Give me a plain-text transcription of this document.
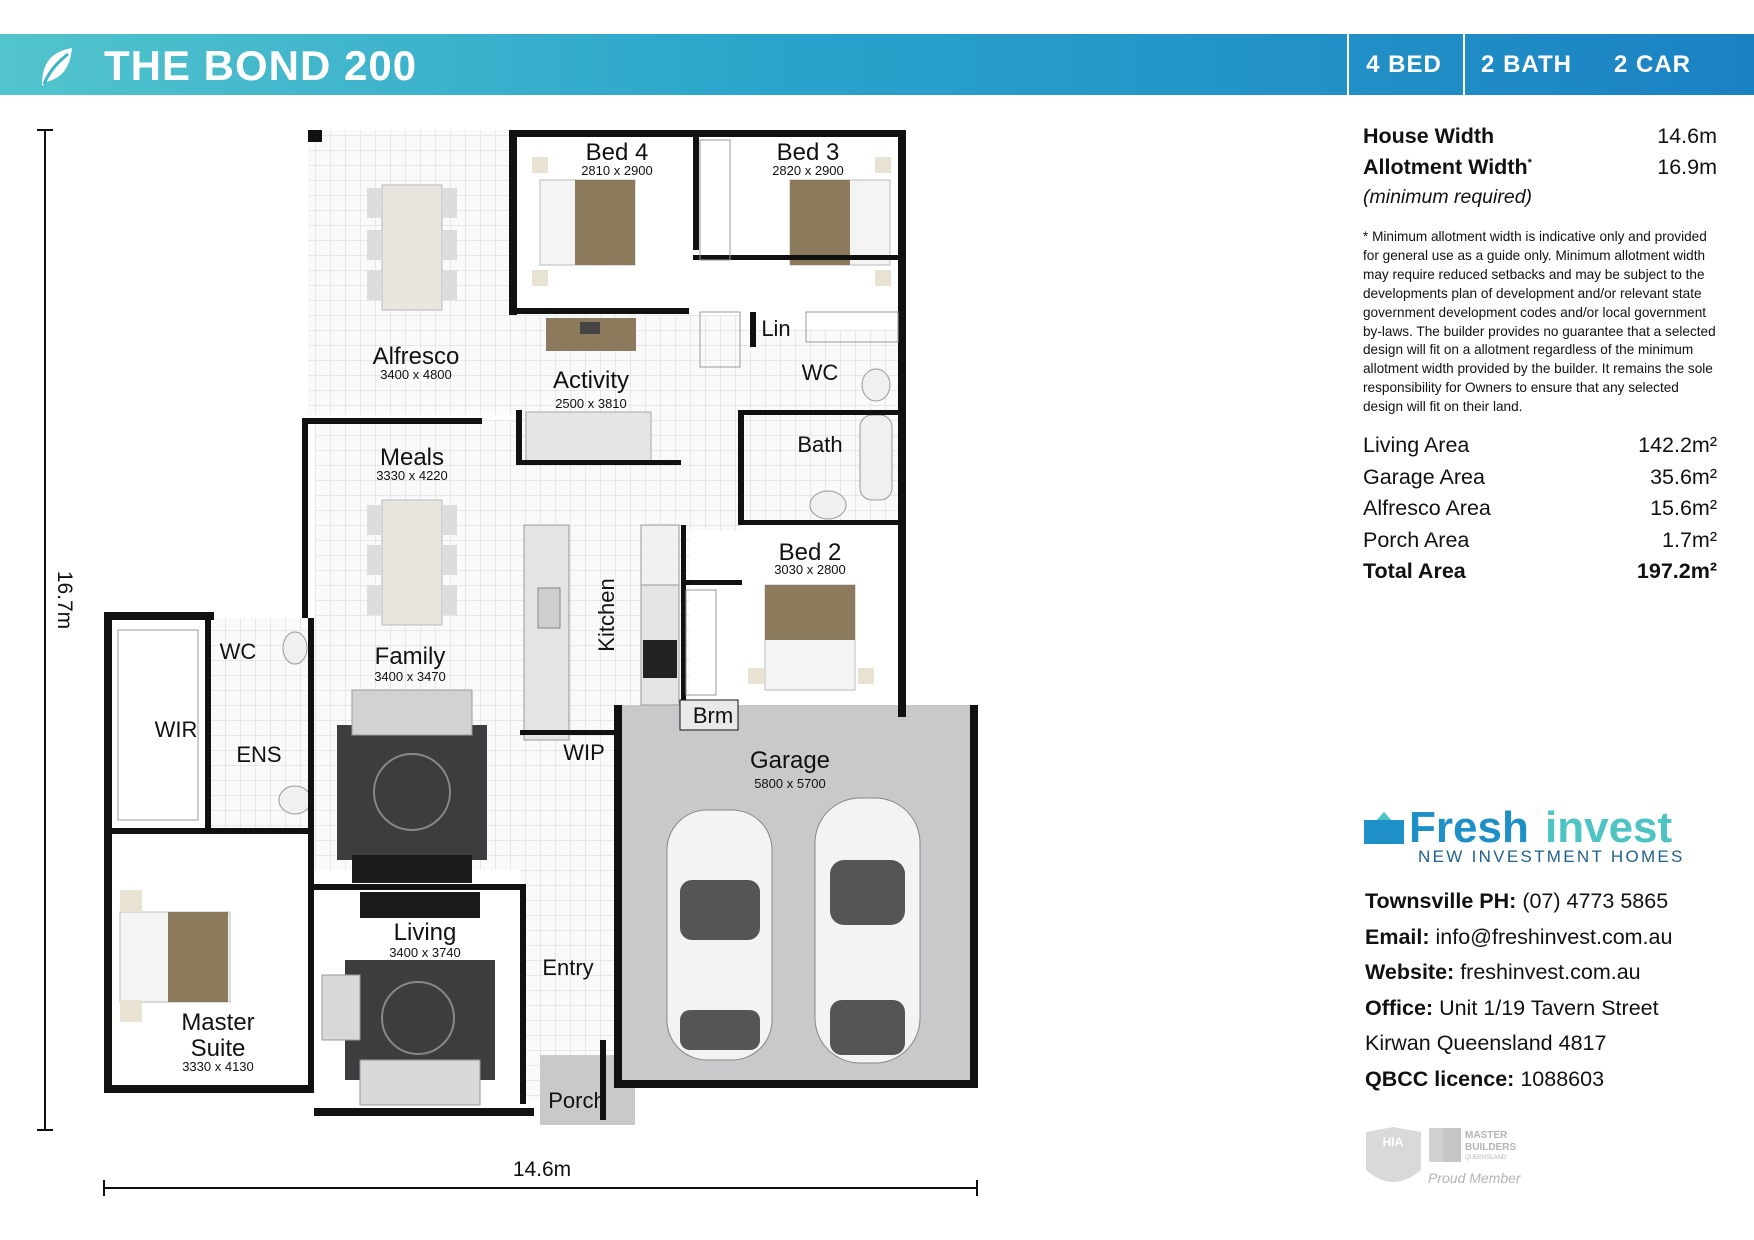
THE BOND 200	4 BED	2 BATH	2 CAR
16.7m
14.6m
Alfresco
3400 x 4800
Bed 4
2810 x 2900
Bed 3
2820 x 2900
Activity
2500 x 3810
Meals
3330 x 4220
Family
3400 x 3470
Bed 2
3030 x 2800
Garage
5800 x 5700
Living
3400 x 3740
Master
Suite
3330 x 4130
Lin
WC
Bath
Kitchen
Brm
WIP
WC
WIR
ENS
Entry
Porch
House Width	14.6m
Allotment Width*	16.9m
(minimum required)
* Minimum allotment width is indicative only and provided for general use as a guide only. Minimum allotment width may require reduced setbacks and may be subject to the developments plan of development and/or relevant state government development codes and/or local government by-laws. The builder provides no guarantee that a selected design will fit on a allotment regardless of the minimum allotment width provided by the builder. It remains the sole responsibility for Owners to ensure that any selected design will fit on their land.
Living Area	142.2m²
Garage Area	35.6m²
Alfresco Area	15.6m²
Porch Area	1.7m²
Total Area	197.2m²
Fresh invest
NEW INVESTMENT HOMES
Townsville PH: (07) 4773 5865
Email: info@freshinvest.com.au
Website: freshinvest.com.au
Office: Unit 1/19 Tavern Street
Kirwan Queensland 4817
QBCC licence: 1088603
HIA	MASTER
BUILDERS
QUEENSLAND
Proud Member
